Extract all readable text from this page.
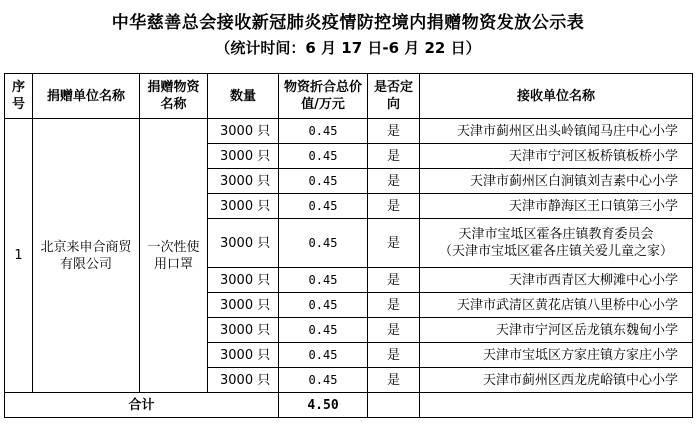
中华慈善总会接收新冠肺炎疫情防控境内捐赠物资发放公示表
（统计时间：6 月 17 日-6 月 22 日）
序号	捐赠单位名称	捐赠物资名称	数量	物资折合总价值/万元	是否定向	接收单位名称
1	北京来申合商贸有限公司	一次性使用口罩	3000 只	0.45	是	天津市蓟州区出头岭镇闻马庄中心小学
			3000 只	0.45	是	天津市宁河区板桥镇板桥小学
			3000 只	0.45	是	天津市蓟州区白涧镇刘吉素中心小学
			3000 只	0.45	是	天津市静海区王口镇第三小学
			3000 只	0.45	是	天津市宝坻区霍各庄镇教育委员会
（天津市宝坻区霍各庄镇关爱儿童之家）

			3000 只	0.45	是	天津市西青区大柳滩中心小学
			3000 只	0.45	是	天津市武清区黄花店镇八里桥中心小学
			3000 只	0.45	是	天津市宁河区岳龙镇东魏甸小学
			3000 只	0.45	是	天津市宝坻区方家庄镇方家庄小学
			3000 只	0.45	是	天津市蓟州区西龙虎峪镇中心小学
合计				4.50		
